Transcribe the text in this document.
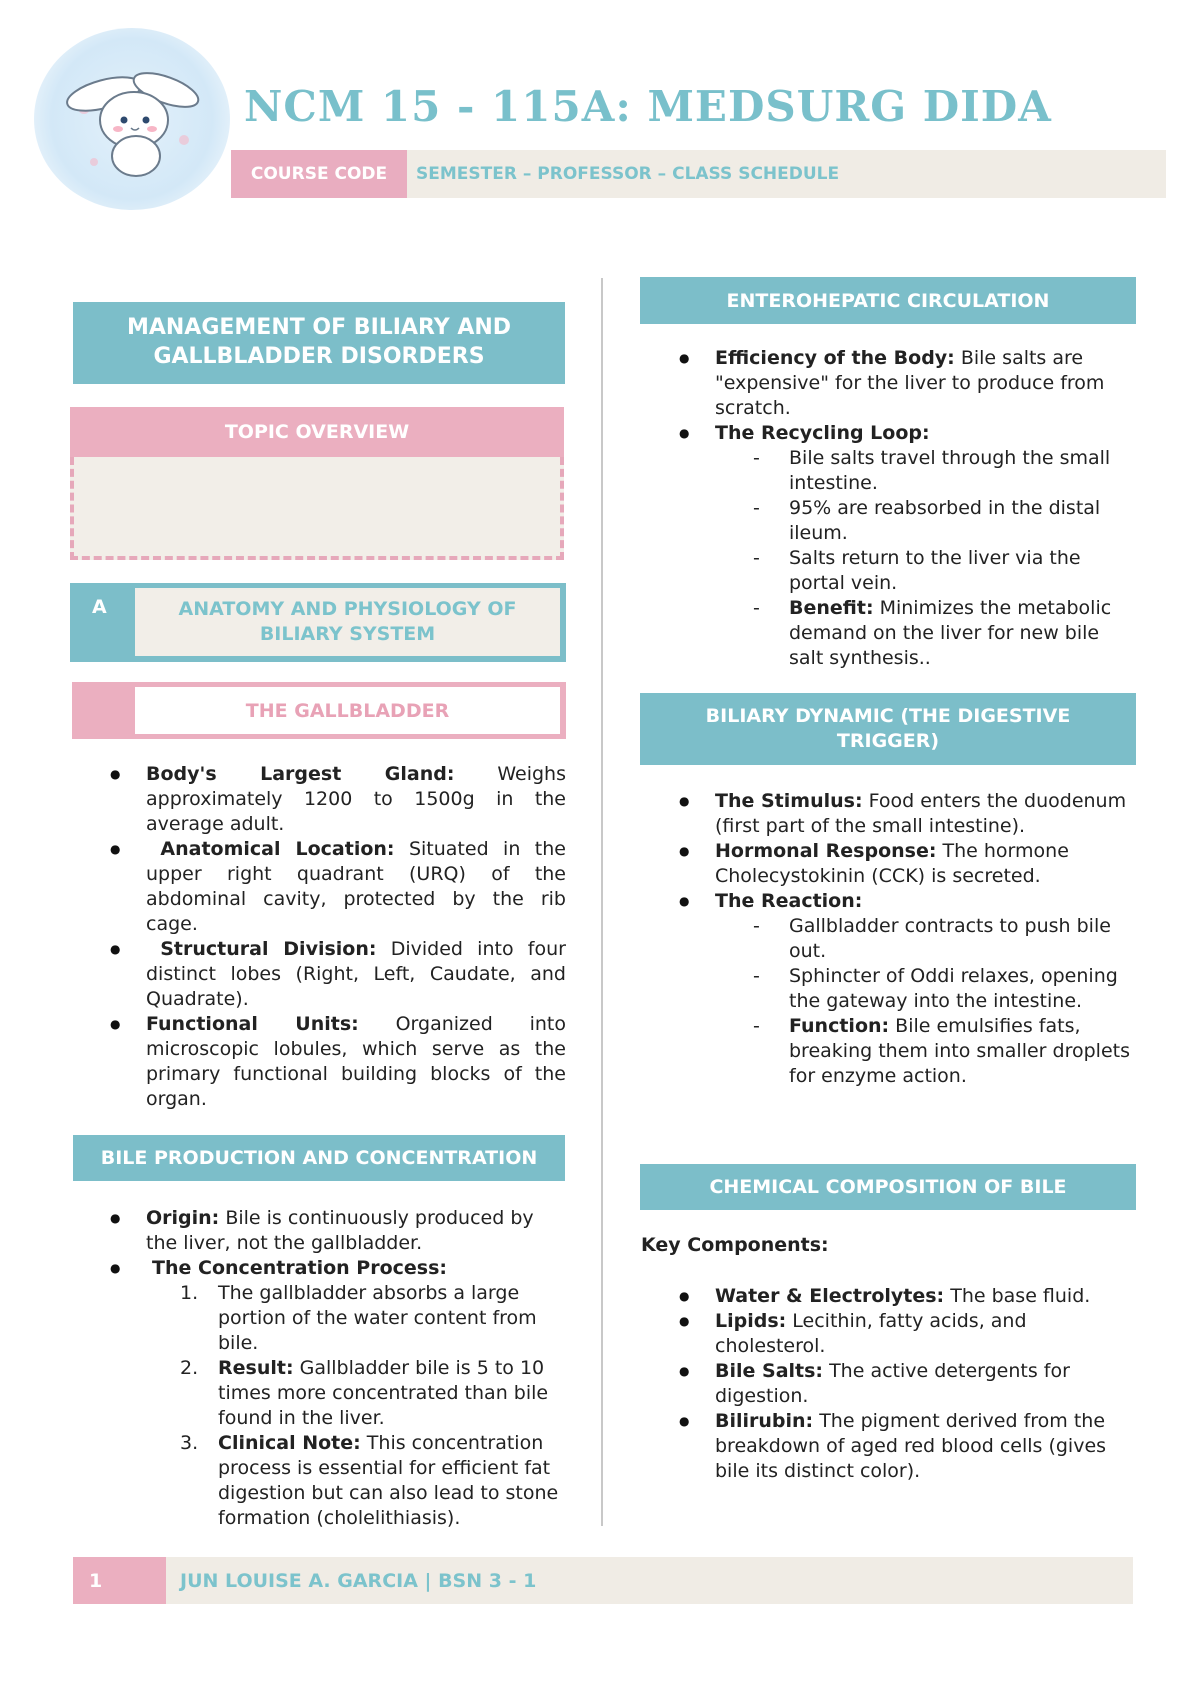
NCM 15 - 115A: MEDSURG DIDA
COURSE CODE	SEMESTER – PROFESSOR – CLASS SCHEDULE
MANAGEMENT OF BILIARY AND GALLBLADDER DISORDERS
TOPIC OVERVIEW
A	ANATOMY AND PHYSIOLOGY OF BILIARY SYSTEM
THE GALLBLADDER
● Body's Largest Gland: Weighs approximately 1200 to 1500g in the average adult.
● Anatomical Location: Situated in the upper right quadrant (URQ) of the abdominal cavity, protected by the rib cage.
● Structural Division: Divided into four distinct lobes (Right, Left, Caudate, and Quadrate).
● Functional Units: Organized into microscopic lobules, which serve as the primary functional building blocks of the organ.
BILE PRODUCTION AND CONCENTRATION
● Origin: Bile is continuously produced by the liver, not the gallbladder.
● The Concentration Process:
1. The gallbladder absorbs a large portion of the water content from bile.
2. Result: Gallbladder bile is 5 to 10 times more concentrated than bile found in the liver.
3. Clinical Note: This concentration process is essential for efficient fat digestion but can also lead to stone formation (cholelithiasis).
ENTEROHEPATIC CIRCULATION
● Efficiency of the Body: Bile salts are "expensive" for the liver to produce from scratch.
● The Recycling Loop:
- Bile salts travel through the small intestine.
- 95% are reabsorbed in the distal ileum.
- Salts return to the liver via the portal vein.
- Benefit: Minimizes the metabolic demand on the liver for new bile salt synthesis..
BILIARY DYNAMIC (THE DIGESTIVE TRIGGER)
● The Stimulus: Food enters the duodenum (first part of the small intestine).
● Hormonal Response: The hormone Cholecystokinin (CCK) is secreted.
● The Reaction:
- Gallbladder contracts to push bile out.
- Sphincter of Oddi relaxes, opening the gateway into the intestine.
- Function: Bile emulsifies fats, breaking them into smaller droplets for enzyme action.
CHEMICAL COMPOSITION OF BILE
Key Components:
● Water & Electrolytes: The base fluid.
● Lipids: Lecithin, fatty acids, and cholesterol.
● Bile Salts: The active detergents for digestion.
● Bilirubin: The pigment derived from the breakdown of aged red blood cells (gives bile its distinct color).
1	JUN LOUISE A. GARCIA | BSN 3 - 1
